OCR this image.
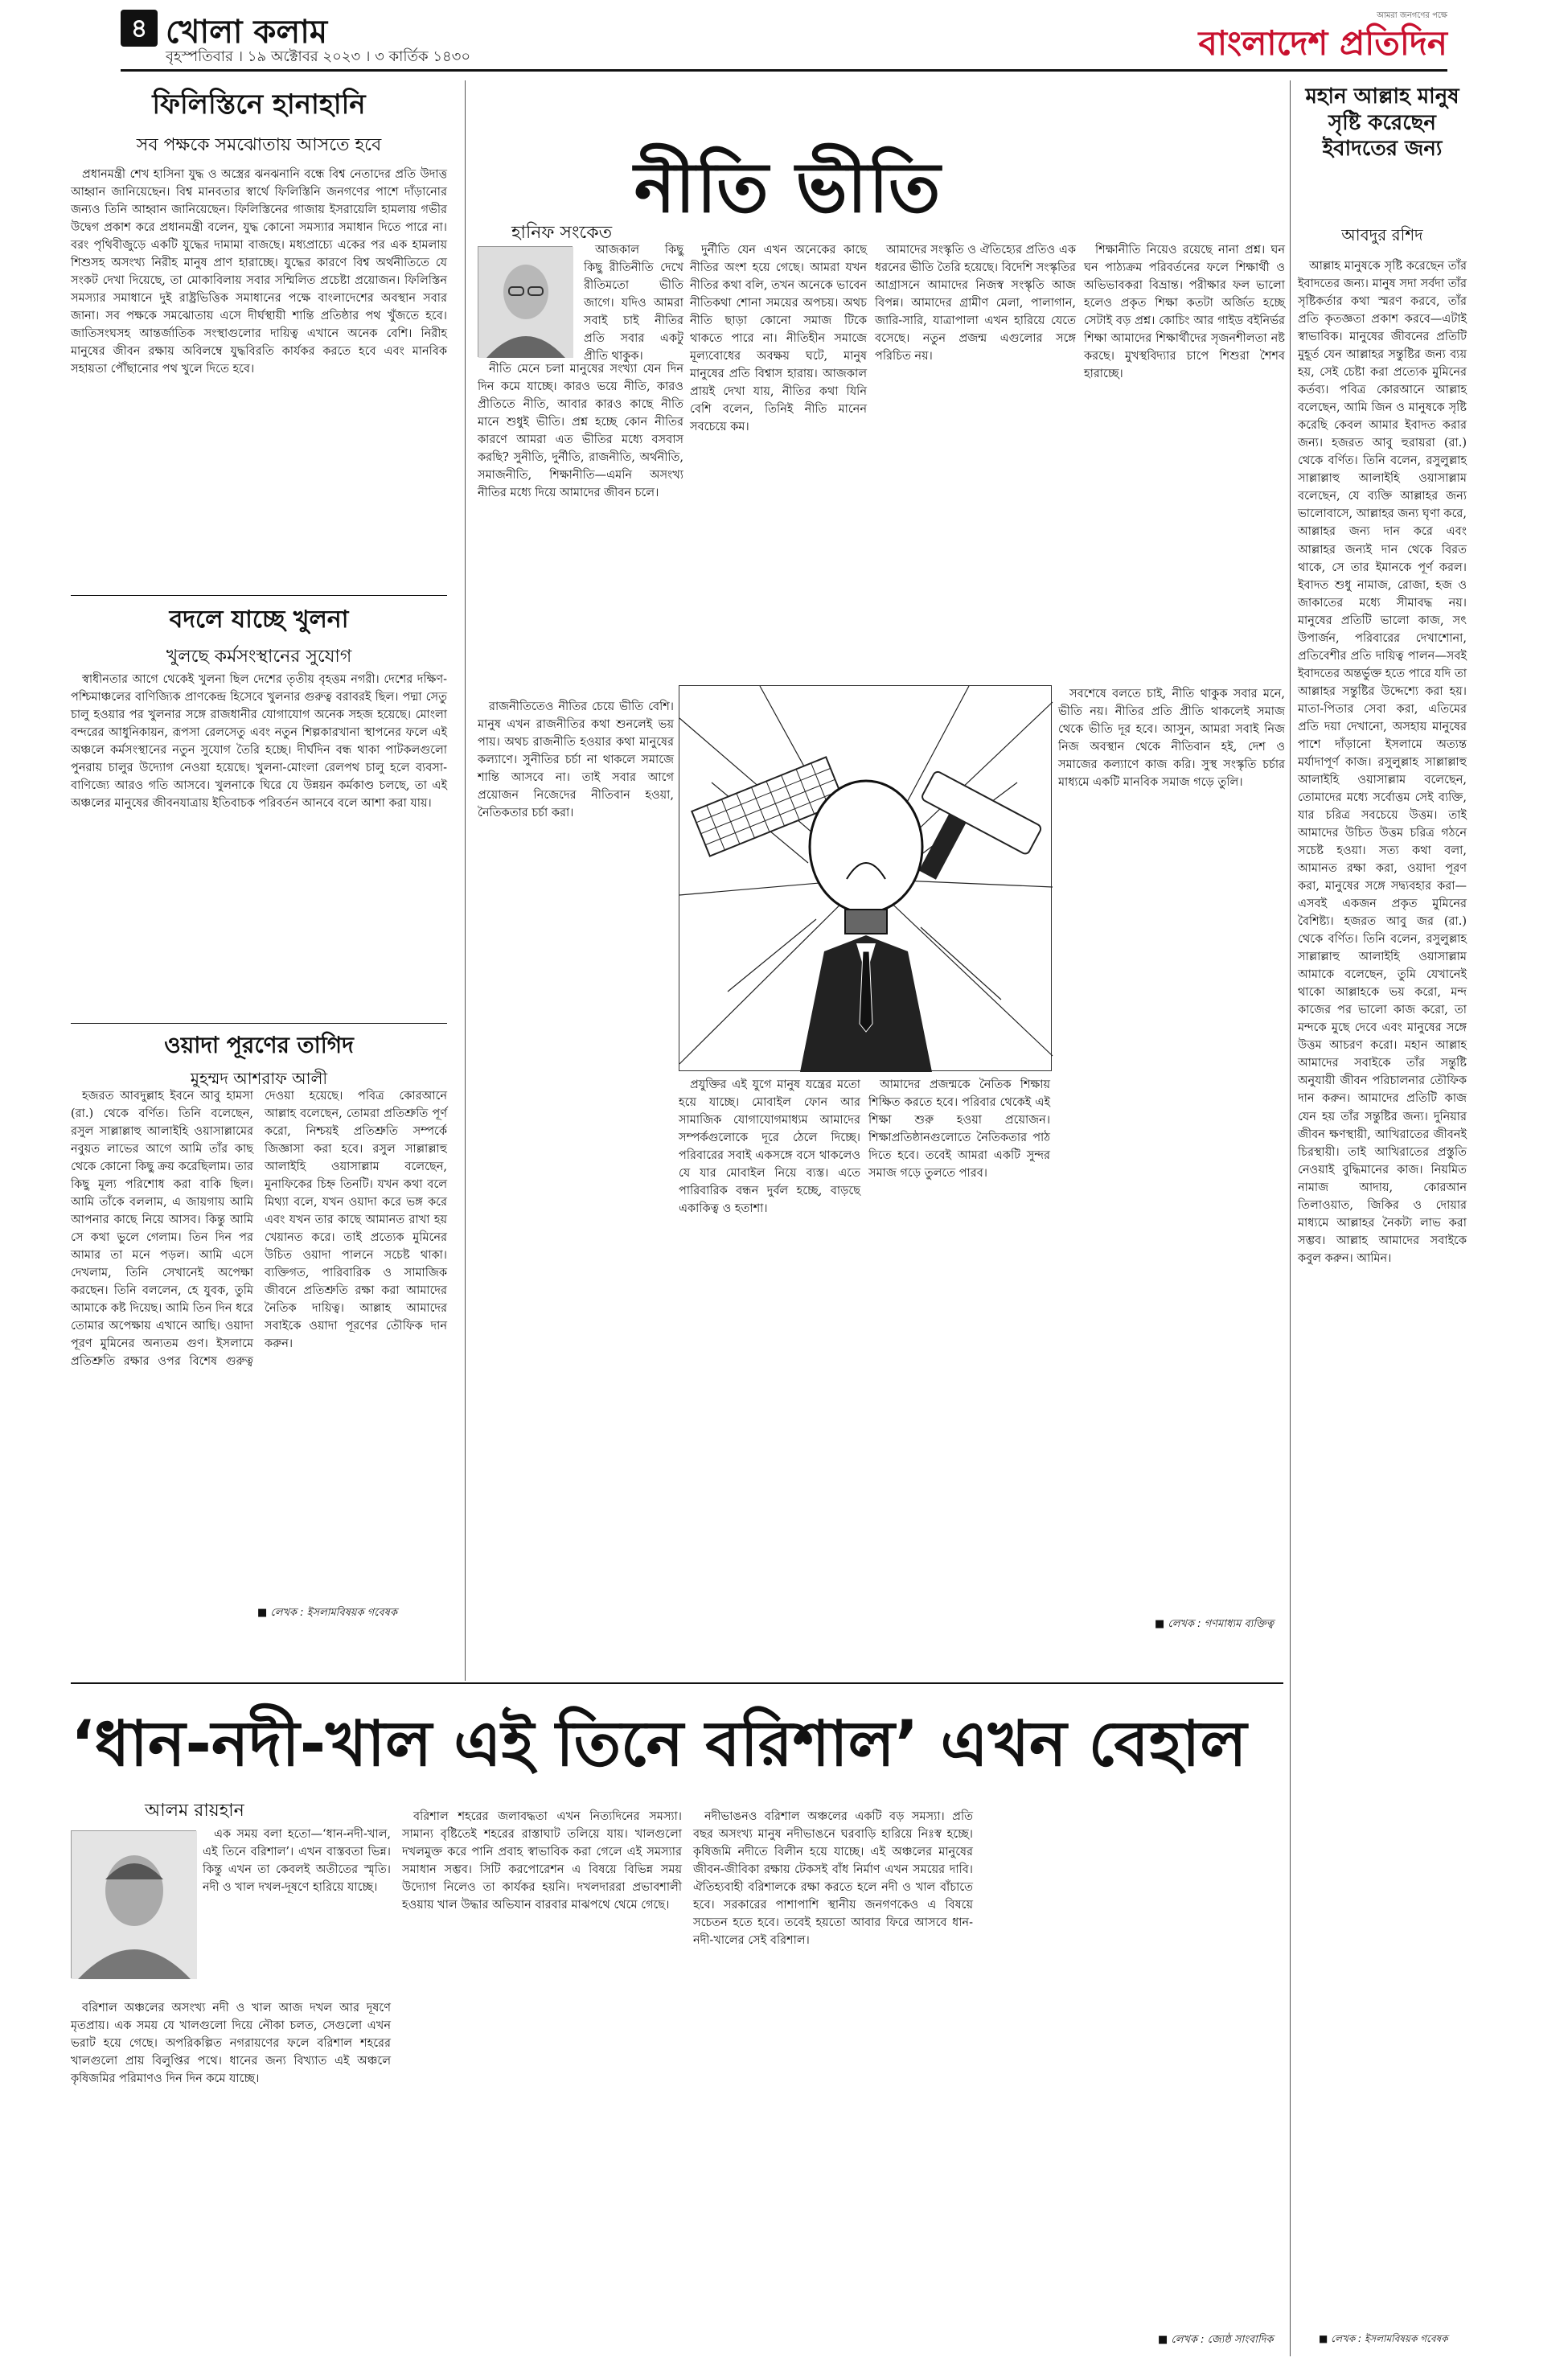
৪ খোলা কলাম
বৃহস্পতিবার । ১৯ অক্টোবর ২০২৩ । ৩ কার্তিক ১৪৩০
আমরা জনগণের পক্ষে
বাংলাদেশ প্রতিদিন
ফিলিস্তিনে হানাহানি
সব পক্ষকে সমঝোতায় আসতে হবে

প্রধানমন্ত্রী শেখ হাসিনা যুদ্ধ ও অস্ত্রের ঝনঝনানি বন্ধে বিশ্ব নেতাদের প্রতি উদাত্ত আহ্বান জানিয়েছেন। বিশ্ব মানবতার স্বার্থে ফিলিস্তিনি জনগণের পাশে দাঁড়ানোর জন্যও তিনি আহ্বান জানিয়েছেন। ফিলিস্তিনের গাজায় ইসরায়েলি হামলায় গভীর উদ্বেগ প্রকাশ করে প্রধানমন্ত্রী বলেন, যুদ্ধ কোনো সমস্যার সমাধান দিতে পারে না। বরং পৃথিবীজুড়ে একটি যুদ্ধের দামামা বাজছে। মধ্যপ্রাচ্যে একের পর এক হামলায় শিশুসহ অসংখ্য নিরীহ মানুষ প্রাণ হারাচ্ছে। যুদ্ধের কারণে বিশ্ব অর্থনীতিতে যে সংকট দেখা দিয়েছে, তা মোকাবিলায় সবার সম্মিলিত প্রচেষ্টা প্রয়োজন। ফিলিস্তিন সমস্যার সমাধানে দুই রাষ্ট্রভিত্তিক সমাধানের পক্ষে বাংলাদেশের অবস্থান সবার জানা। সব পক্ষকে সমঝোতায় এসে দীর্ঘস্থায়ী শান্তি প্রতিষ্ঠার পথ খুঁজতে হবে। জাতিসংঘসহ আন্তর্জাতিক সংস্থাগুলোর দায়িত্ব এখানে অনেক বেশি। নিরীহ মানুষের জীবন রক্ষায় অবিলম্বে যুদ্ধবিরতি কার্যকর করতে হবে এবং মানবিক সহায়তা পৌঁছানোর পথ খুলে দিতে হবে।

বদলে যাচ্ছে খুলনা
খুলছে কর্মসংস্থানের সুযোগ

স্বাধীনতার আগে থেকেই খুলনা ছিল দেশের তৃতীয় বৃহত্তম নগরী। দেশের দক্ষিণ-পশ্চিমাঞ্চলের বাণিজ্যিক প্রাণকেন্দ্র হিসেবে খুলনার গুরুত্ব বরাবরই ছিল। পদ্মা সেতু চালু হওয়ার পর খুলনার সঙ্গে রাজধানীর যোগাযোগ অনেক সহজ হয়েছে। মোংলা বন্দরের আধুনিকায়ন, রূপসা রেলসেতু এবং নতুন শিল্পকারখানা স্থাপনের ফলে এই অঞ্চলে কর্মসংস্থানের নতুন সুযোগ তৈরি হচ্ছে। দীর্ঘদিন বন্ধ থাকা পাটকলগুলো পুনরায় চালুর উদ্যোগ নেওয়া হয়েছে। খুলনা-মোংলা রেলপথ চালু হলে ব্যবসা-বাণিজ্যে আরও গতি আসবে। খুলনাকে ঘিরে যে উন্নয়ন কর্মকাণ্ড চলছে, তা এই অঞ্চলের মানুষের জীবনযাত্রায় ইতিবাচক পরিবর্তন আনবে বলে আশা করা যায়।

ওয়াদা পূরণের তাগিদ
মুহম্মদ আশরাফ আলী

হজরত আবদুল্লাহ ইবনে আবু হামসা (রা.) থেকে বর্ণিত। তিনি বলেছেন, রসুল সাল্লাল্লাহু আলাইহি ওয়াসাল্লামের নবুয়ত লাভের আগে আমি তাঁর কাছ থেকে কোনো কিছু ক্রয় করেছিলাম। তার কিছু মূল্য পরিশোধ করা বাকি ছিল। আমি তাঁকে বললাম, এ জায়গায় আমি আপনার কাছে নিয়ে আসব। কিন্তু আমি সে কথা ভুলে গেলাম। তিন দিন পর আমার তা মনে পড়ল। আমি এসে দেখলাম, তিনি সেখানেই অপেক্ষা করছেন। তিনি বললেন, হে যুবক, তুমি আমাকে কষ্ট দিয়েছ। আমি তিন দিন ধরে তোমার অপেক্ষায় এখানে আছি। ওয়াদা পূরণ মুমিনের অন্যতম গুণ। ইসলামে প্রতিশ্রুতি রক্ষার ওপর বিশেষ গুরুত্ব দেওয়া হয়েছে। পবিত্র কোরআনে আল্লাহ বলেছেন, তোমরা প্রতিশ্রুতি পূর্ণ করো, নিশ্চয়ই প্রতিশ্রুতি সম্পর্কে জিজ্ঞাসা করা হবে। রসুল সাল্লাল্লাহু আলাইহি ওয়াসাল্লাম বলেছেন, মুনাফিকের চিহ্ন তিনটি। যখন কথা বলে মিথ্যা বলে, যখন ওয়াদা করে ভঙ্গ করে এবং যখন তার কাছে আমানত রাখা হয় খেয়ানত করে। তাই প্রত্যেক মুমিনের উচিত ওয়াদা পালনে সচেষ্ট থাকা। ব্যক্তিগত, পারিবারিক ও সামাজিক জীবনে প্রতিশ্রুতি রক্ষা করা আমাদের নৈতিক দায়িত্ব। আল্লাহ আমাদের সবাইকে ওয়াদা পূরণের তৌফিক দান করুন।

■ লেখক : ইসলামবিষয়ক গবেষক
নীতি ভীতি
হানিফ সংকেত

আজকাল কিছু কিছু রীতিনীতি দেখে রীতিমতো ভীতি জাগে। যদিও আমরা সবাই চাই নীতির প্রতি সবার একটু প্রীতি থাকুক।

নীতি মেনে চলা মানুষের সংখ্যা যেন দিন দিন কমে যাচ্ছে। কারও ভয়ে নীতি, কারও প্রীতিতে নীতি, আবার কারও কাছে নীতি মানে শুধুই ভীতি। প্রশ্ন হচ্ছে কোন নীতির কারণে আমরা এত ভীতির মধ্যে বসবাস করছি? সুনীতি, দুর্নীতি, রাজনীতি, অর্থনীতি, সমাজনীতি, শিক্ষানীতি—এমনি অসংখ্য নীতির মধ্যে দিয়ে আমাদের জীবন চলে।

দুর্নীতি যেন এখন অনেকের কাছে নীতির অংশ হয়ে গেছে। আমরা যখন নীতির কথা বলি, তখন অনেকে ভাবেন নীতিকথা শোনা সময়ের অপচয়। অথচ নীতি ছাড়া কোনো সমাজ টিকে থাকতে পারে না। নীতিহীন সমাজে মূল্যবোধের অবক্ষয় ঘটে, মানুষ মানুষের প্রতি বিশ্বাস হারায়। আজকাল প্রায়ই দেখা যায়, নীতির কথা যিনি বেশি বলেন, তিনিই নীতি মানেন সবচেয়ে কম।

আমাদের সংস্কৃতি ও ঐতিহ্যের প্রতিও এক ধরনের ভীতি তৈরি হয়েছে। বিদেশি সংস্কৃতির আগ্রাসনে আমাদের নিজস্ব সংস্কৃতি আজ বিপন্ন। আমাদের গ্রামীণ মেলা, পালাগান, জারি-সারি, যাত্রাপালা এখন হারিয়ে যেতে বসেছে। নতুন প্রজন্ম এগুলোর সঙ্গে পরিচিত নয়।

শিক্ষানীতি নিয়েও রয়েছে নানা প্রশ্ন। ঘন ঘন পাঠ্যক্রম পরিবর্তনের ফলে শিক্ষার্থী ও অভিভাবকরা বিভ্রান্ত। পরীক্ষার ফল ভালো হলেও প্রকৃত শিক্ষা কতটা অর্জিত হচ্ছে সেটাই বড় প্রশ্ন। কোচিং আর গাইড বইনির্ভর শিক্ষা আমাদের শিক্ষার্থীদের সৃজনশীলতা নষ্ট করছে। মুখস্থবিদ্যার চাপে শিশুরা শৈশব হারাচ্ছে।

রাজনীতিতেও নীতির চেয়ে ভীতি বেশি। মানুষ এখন রাজনীতির কথা শুনলেই ভয় পায়। অথচ রাজনীতি হওয়ার কথা মানুষের কল্যাণে। সুনীতির চর্চা না থাকলে সমাজে শান্তি আসবে না। তাই সবার আগে প্রয়োজন নিজেদের নীতিবান হওয়া, নৈতিকতার চর্চা করা।

প্রযুক্তির এই যুগে মানুষ যন্ত্রের মতো হয়ে যাচ্ছে। মোবাইল ফোন আর সামাজিক যোগাযোগমাধ্যম আমাদের সম্পর্কগুলোকে দূরে ঠেলে দিচ্ছে। পরিবারের সবাই একসঙ্গে বসে থাকলেও যে যার মোবাইল নিয়ে ব্যস্ত। এতে পারিবারিক বন্ধন দুর্বল হচ্ছে, বাড়ছে একাকিত্ব ও হতাশা।

আমাদের প্রজন্মকে নৈতিক শিক্ষায় শিক্ষিত করতে হবে। পরিবার থেকেই এই শিক্ষা শুরু হওয়া প্রয়োজন। শিক্ষাপ্রতিষ্ঠানগুলোতে নৈতিকতার পাঠ দিতে হবে। তবেই আমরা একটি সুন্দর সমাজ গড়ে তুলতে পারব।

সবশেষে বলতে চাই, নীতি থাকুক সবার মনে, ভীতি নয়। নীতির প্রতি প্রীতি থাকলেই সমাজ থেকে ভীতি দূর হবে। আসুন, আমরা সবাই নিজ নিজ অবস্থান থেকে নীতিবান হই, দেশ ও সমাজের কল্যাণে কাজ করি। সুস্থ সংস্কৃতি চর্চার মাধ্যমে একটি মানবিক সমাজ গড়ে তুলি।

■ লেখক : গণমাধ্যম ব্যক্তিত্ব
মহান আল্লাহ মানুষ সৃষ্টি করেছেন ইবাদতের জন্য
আবদুর রশিদ

আল্লাহ মানুষকে সৃষ্টি করেছেন তাঁর ইবাদতের জন্য। মানুষ সদা সর্বদা তাঁর সৃষ্টিকর্তার কথা স্মরণ করবে, তাঁর প্রতি কৃতজ্ঞতা প্রকাশ করবে—এটাই স্বাভাবিক। মানুষের জীবনের প্রতিটি মুহূর্ত যেন আল্লাহর সন্তুষ্টির জন্য ব্যয় হয়, সেই চেষ্টা করা প্রত্যেক মুমিনের কর্তব্য। পবিত্র কোরআনে আল্লাহ বলেছেন, আমি জিন ও মানুষকে সৃষ্টি করেছি কেবল আমার ইবাদত করার জন্য। হজরত আবু হুরায়রা (রা.) থেকে বর্ণিত। তিনি বলেন, রসুলুল্লাহ সাল্লাল্লাহু আলাইহি ওয়াসাল্লাম বলেছেন, যে ব্যক্তি আল্লাহর জন্য ভালোবাসে, আল্লাহর জন্য ঘৃণা করে, আল্লাহর জন্য দান করে এবং আল্লাহর জন্যই দান থেকে বিরত থাকে, সে তার ইমানকে পূর্ণ করল। ইবাদত শুধু নামাজ, রোজা, হজ ও জাকাতের মধ্যে সীমাবদ্ধ নয়। মানুষের প্রতিটি ভালো কাজ, সৎ উপার্জন, পরিবারের দেখাশোনা, প্রতিবেশীর প্রতি দায়িত্ব পালন—সবই ইবাদতের অন্তর্ভুক্ত হতে পারে যদি তা আল্লাহর সন্তুষ্টির উদ্দেশ্যে করা হয়। মাতা-পিতার সেবা করা, এতিমের প্রতি দয়া দেখানো, অসহায় মানুষের পাশে দাঁড়ানো ইসলামে অত্যন্ত মর্যাদাপূর্ণ কাজ। রসুলুল্লাহ সাল্লাল্লাহু আলাইহি ওয়াসাল্লাম বলেছেন, তোমাদের মধ্যে সর্বোত্তম সেই ব্যক্তি, যার চরিত্র সবচেয়ে উত্তম। তাই আমাদের উচিত উত্তম চরিত্র গঠনে সচেষ্ট হওয়া। সত্য কথা বলা, আমানত রক্ষা করা, ওয়াদা পূরণ করা, মানুষের সঙ্গে সদ্ব্যবহার করা—এসবই একজন প্রকৃত মুমিনের বৈশিষ্ট্য। হজরত আবু জর (রা.) থেকে বর্ণিত। তিনি বলেন, রসুলুল্লাহ সাল্লাল্লাহু আলাইহি ওয়াসাল্লাম আমাকে বলেছেন, তুমি যেখানেই থাকো আল্লাহকে ভয় করো, মন্দ কাজের পর ভালো কাজ করো, তা মন্দকে মুছে দেবে এবং মানুষের সঙ্গে উত্তম আচরণ করো। মহান আল্লাহ আমাদের সবাইকে তাঁর সন্তুষ্টি অনুযায়ী জীবন পরিচালনার তৌফিক দান করুন। আমাদের প্রতিটি কাজ যেন হয় তাঁর সন্তুষ্টির জন্য। দুনিয়ার জীবন ক্ষণস্থায়ী, আখিরাতের জীবনই চিরস্থায়ী। তাই আখিরাতের প্রস্তুতি নেওয়াই বুদ্ধিমানের কাজ। নিয়মিত নামাজ আদায়, কোরআন তিলাওয়াত, জিকির ও দোয়ার মাধ্যমে আল্লাহর নৈকট্য লাভ করা সম্ভব। আল্লাহ আমাদের সবাইকে কবুল করুন। আমিন।

■ লেখক : ইসলামবিষয়ক গবেষক
‘ধান-নদী-খাল এই তিনে বরিশাল’ এখন বেহাল
আলম রায়হান

এক সময় বলা হতো—‘ধান-নদী-খাল, এই তিনে বরিশাল’। এখন বাস্তবতা ভিন্ন। কিন্তু এখন তা কেবলই অতীতের স্মৃতি। নদী ও খাল দখল-দূষণে হারিয়ে যাচ্ছে।

বরিশাল অঞ্চলের অসংখ্য নদী ও খাল আজ দখল আর দূষণে মৃতপ্রায়। এক সময় যে খালগুলো দিয়ে নৌকা চলত, সেগুলো এখন ভরাট হয়ে গেছে। অপরিকল্পিত নগরায়ণের ফলে বরিশাল শহরের খালগুলো প্রায় বিলুপ্তির পথে। ধানের জন্য বিখ্যাত এই অঞ্চলে কৃষিজমির পরিমাণও দিন দিন কমে যাচ্ছে।

বরিশাল শহরের জলাবদ্ধতা এখন নিত্যদিনের সমস্যা। সামান্য বৃষ্টিতেই শহরের রাস্তাঘাট তলিয়ে যায়। খালগুলো দখলমুক্ত করে পানি প্রবাহ স্বাভাবিক করা গেলে এই সমস্যার সমাধান সম্ভব। সিটি করপোরেশন এ বিষয়ে বিভিন্ন সময় উদ্যোগ নিলেও তা কার্যকর হয়নি। দখলদাররা প্রভাবশালী হওয়ায় খাল উদ্ধার অভিযান বারবার মাঝপথে থেমে গেছে।

নদীভাঙনও বরিশাল অঞ্চলের একটি বড় সমস্যা। প্রতি বছর অসংখ্য মানুষ নদীভাঙনে ঘরবাড়ি হারিয়ে নিঃস্ব হচ্ছে। কৃষিজমি নদীতে বিলীন হয়ে যাচ্ছে। এই অঞ্চলের মানুষের জীবন-জীবিকা রক্ষায় টেকসই বাঁধ নির্মাণ এখন সময়ের দাবি। ঐতিহ্যবাহী বরিশালকে রক্ষা করতে হলে নদী ও খাল বাঁচাতে হবে। সরকারের পাশাপাশি স্থানীয় জনগণকেও এ বিষয়ে সচেতন হতে হবে। তবেই হয়তো আবার ফিরে আসবে ধান-নদী-খালের সেই বরিশাল।

■ লেখক : জ্যেষ্ঠ সাংবাদিক
